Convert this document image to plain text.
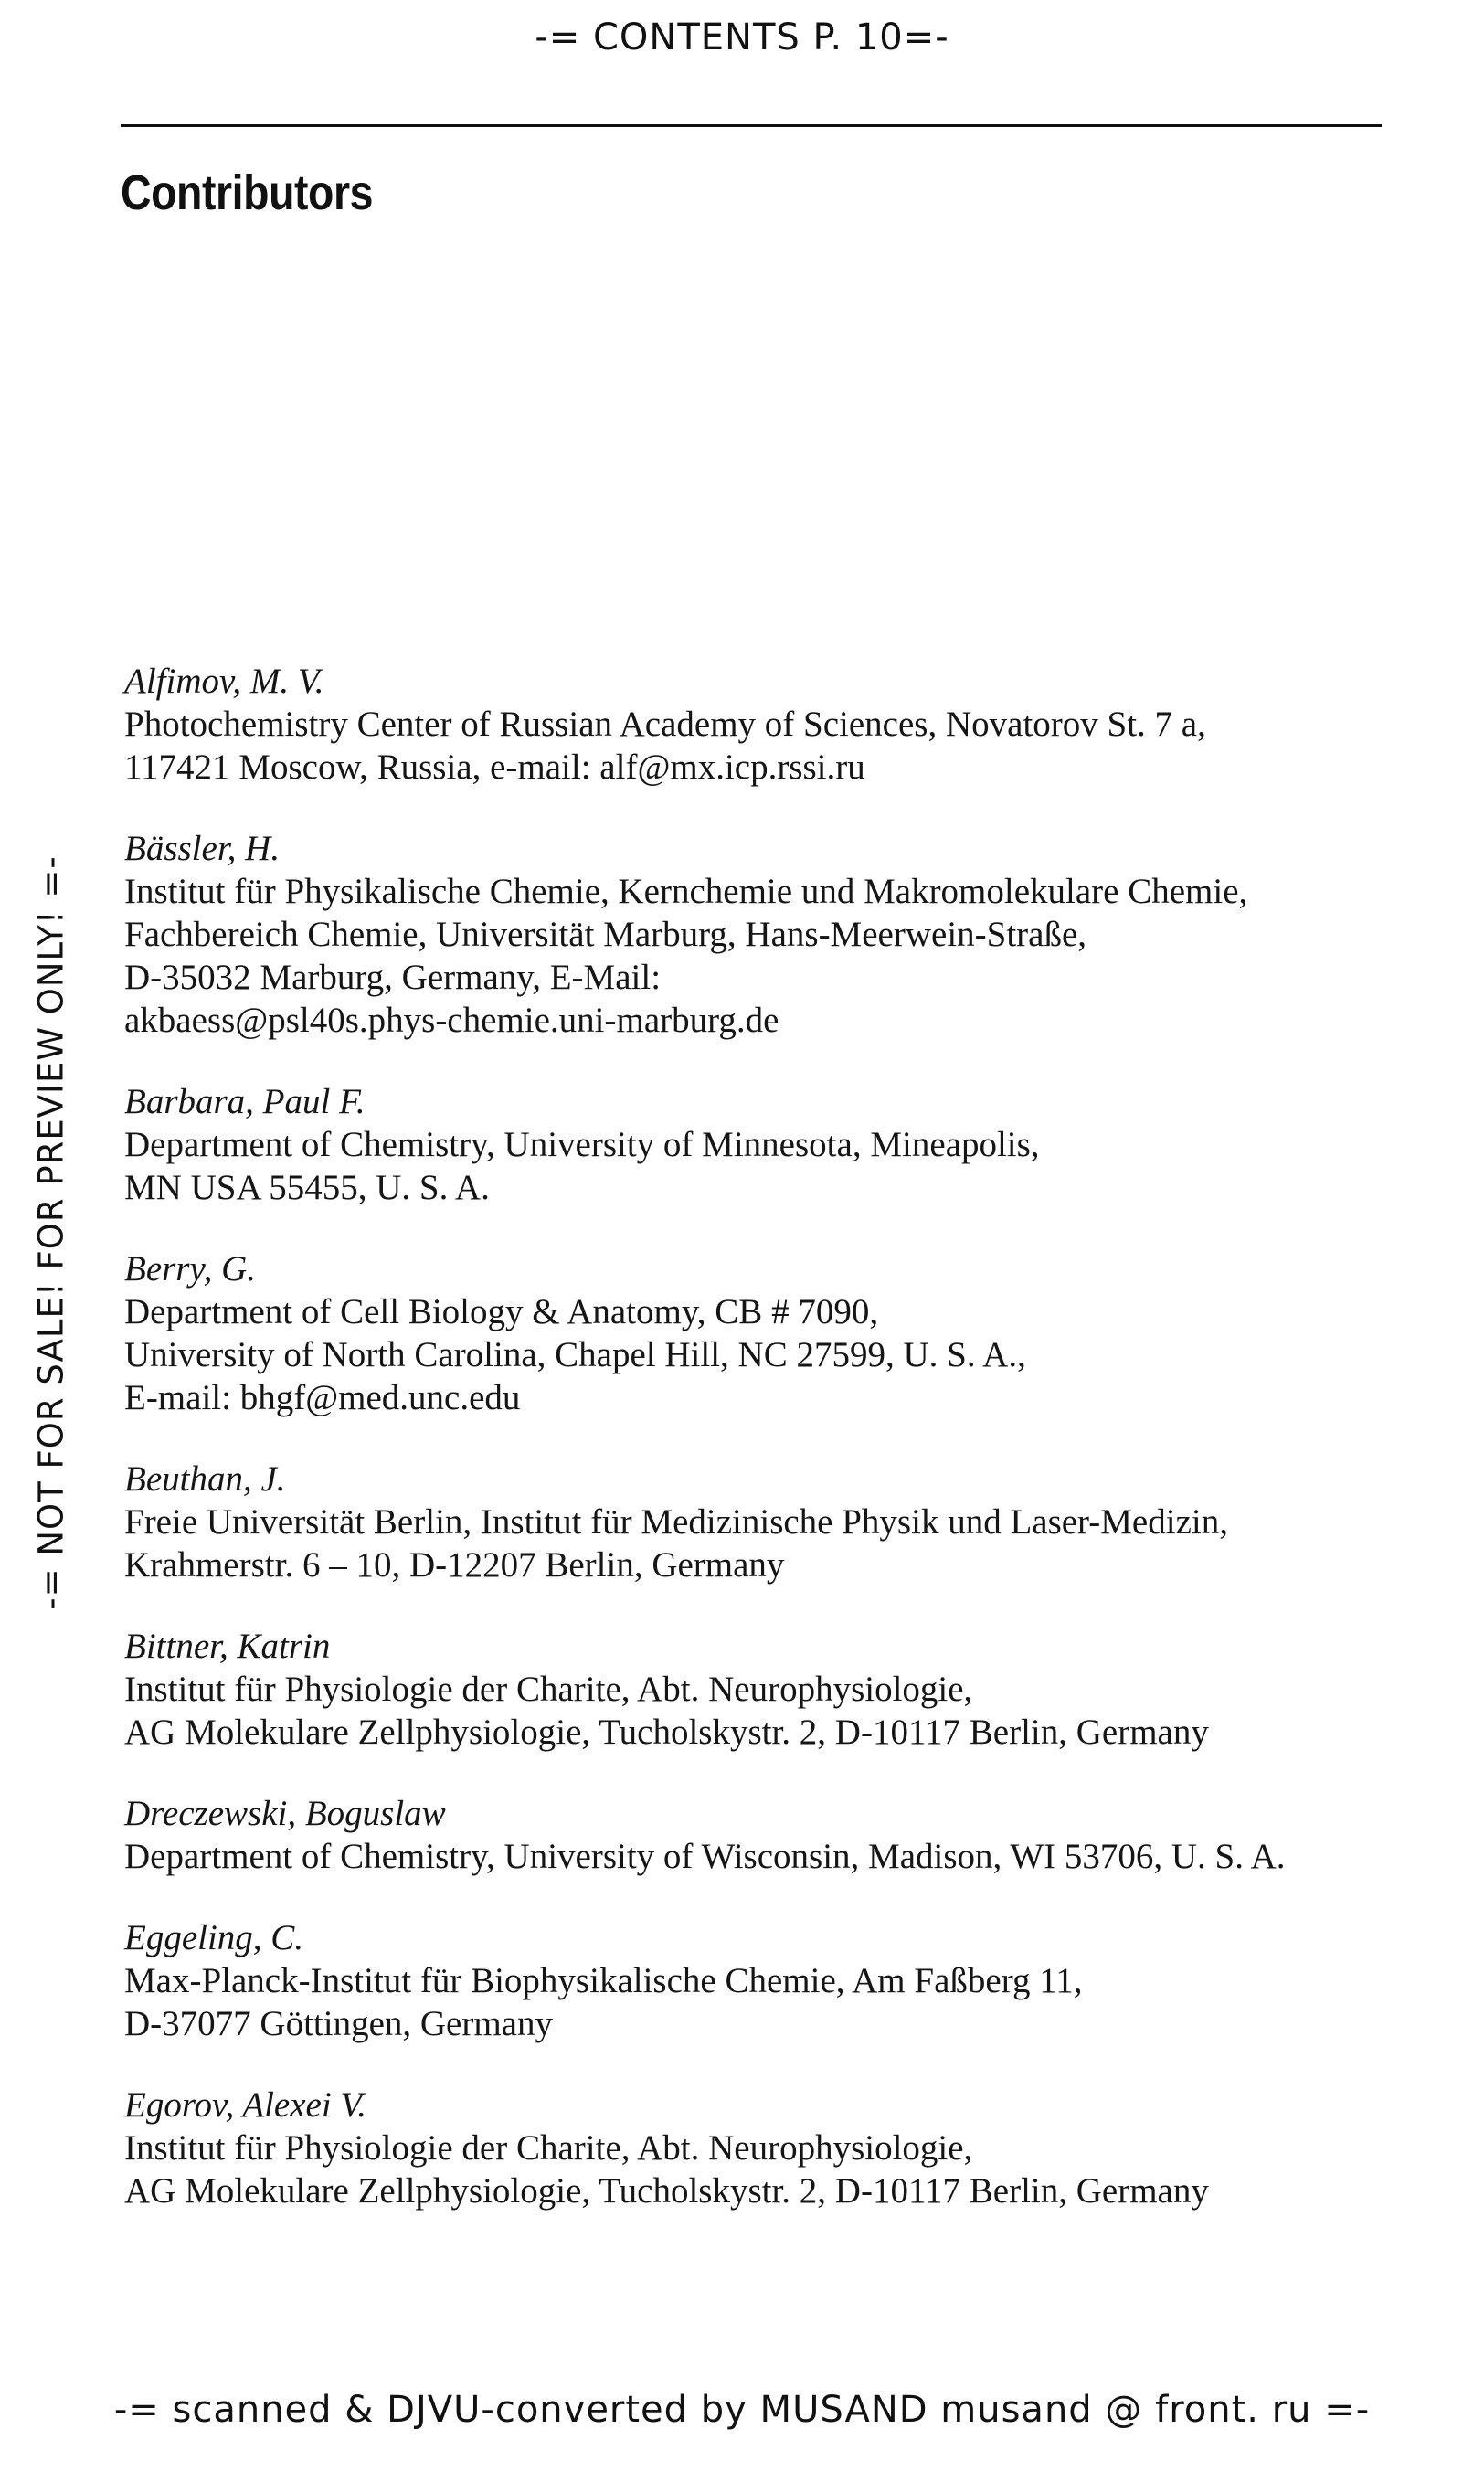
-= CONTENTS P. 10=-
Contributors
Alfimov, M. V.
Photochemistry Center of Russian Academy of Sciences, Novatorov St. 7 a,
117421 Moscow, Russia, e-mail: alf@mx.icp.rssi.ru
Bässler, H.
Institut für Physikalische Chemie, Kernchemie und Makromolekulare Chemie,
Fachbereich Chemie, Universität Marburg, Hans-Meerwein-Straße,
D-35032 Marburg, Germany, E-Mail:
akbaess@psl40s.phys-chemie.uni-marburg.de
Barbara, Paul F.
Department of Chemistry, University of Minnesota, Mineapolis,
MN USA 55455, U. S. A.
Berry, G.
Department of Cell Biology & Anatomy, CB # 7090,
University of North Carolina, Chapel Hill, NC 27599, U. S. A.,
E-mail: bhgf@med.unc.edu
Beuthan, J.
Freie Universität Berlin, Institut für Medizinische Physik und Laser-Medizin,
Krahmerstr. 6 – 10, D-12207 Berlin, Germany
Bittner, Katrin
Institut für Physiologie der Charite, Abt. Neurophysiologie,
AG Molekulare Zellphysiologie, Tucholskystr. 2, D-10117 Berlin, Germany
Dreczewski, Boguslaw
Department of Chemistry, University of Wisconsin, Madison, WI 53706, U. S. A.
Eggeling, C.
Max-Planck-Institut für Biophysikalische Chemie, Am Faßberg 11,
D-37077 Göttingen, Germany
Egorov, Alexei V.
Institut für Physiologie der Charite, Abt. Neurophysiologie,
AG Molekulare Zellphysiologie, Tucholskystr. 2, D-10117 Berlin, Germany
-= NOT FOR SALE! FOR PREVIEW ONLY! =-
-= scanned & DJVU-converted by MUSAND musand @ front. ru =-
